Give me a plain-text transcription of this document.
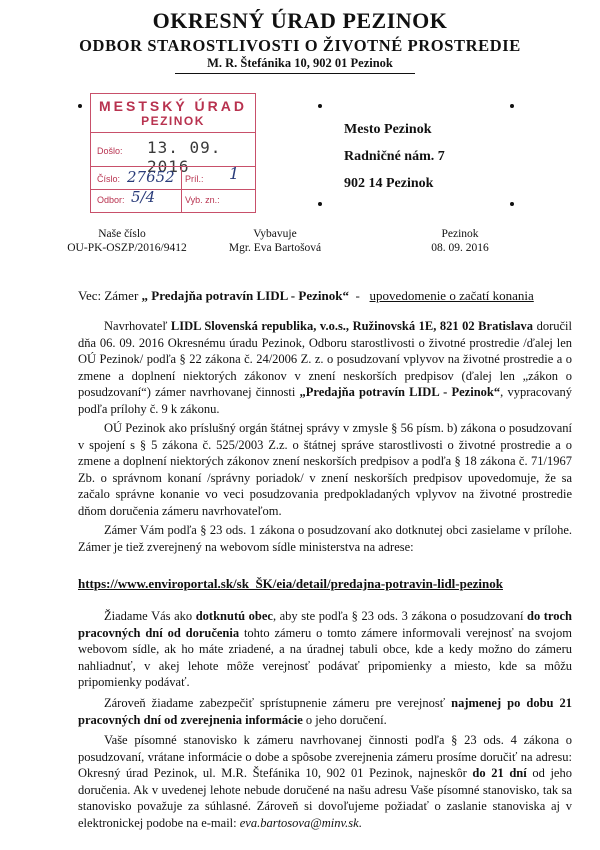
OKRESNÝ ÚRAD PEZINOK
ODBOR STAROSTLIVOSTI O ŽIVOTNÉ PROSTREDIE
M. R. Štefánika 10, 902 01 Pezinok
MESTSKÝ ÚRAD
PEZINOK
Došlo: 13. 09. 2016
Číslo: 27652 Príl.: 1
Odbor: 5/4	Vyb. zn.:
Mesto Pezinok
Radničné nám. 7
902 14 Pezinok
Naše číslo
OU-PK-OSZP/2016/9412
Vybavuje
Mgr. Eva Bartošová
Pezinok
08. 09. 2016
Vec: Zámer „ Predajňa potravín LIDL - Pezinok“  -   upovedomenie o začatí konania
Navrhovateľ LIDL Slovenská republika, v.o.s., Ružinovská 1E, 821 02 Bratislava doručil dňa 06. 09. 2016 Okresnému úradu Pezinok, Odboru starostlivosti o životné prostredie /ďalej len OÚ Pezinok/ podľa § 22 zákona č. 24/2006 Z. z. o posudzovaní vplyvov na životné prostredie a o zmene a doplnení niektorých zákonov v znení neskorších predpisov (ďalej len „zákon o posudzovaní“) zámer navrhovanej činnosti „Predajňa potravín LIDL - Pezinok“, vypracovaný podľa prílohy č. 9 k zákonu.
OÚ Pezinok ako príslušný orgán štátnej správy v zmysle § 56 písm. b) zákona o posudzovaní v spojení s § 5 zákona č. 525/2003 Z.z. o štátnej správe starostlivosti o životné prostredie a o zmene a doplnení niektorých zákonov znení neskorších predpisov a podľa § 18 zákona č. 71/1967 Zb. o správnom konaní /správny poriadok/ v znení neskorších predpisov upovedomuje, že sa začalo správne konanie vo veci posudzovania predpokladaných vplyvov na životné prostredie dňom doručenia zámeru navrhovateľom.
Zámer Vám podľa § 23 ods. 1 zákona o posudzovaní ako dotknutej obci zasielame v prílohe. Zámer je tiež zverejnený na webovom sídle ministerstva na adrese:
https://www.enviroportal.sk/sk_ŠK/eia/detail/predajna-potravin-lidl-pezinok
Žiadame Vás ako dotknutú obec, aby ste podľa § 23 ods. 3 zákona o posudzovaní do troch pracovných dní od doručenia tohto zámeru o tomto zámere informovali verejnosť na svojom webovom sídle, ak ho máte zriadené, a na úradnej tabuli obce, kde a kedy možno do zámeru nahliadnuť, v akej lehote môže verejnosť podávať pripomienky a miesto, kde sa môžu pripomienky podávať.
Zároveň žiadame zabezpečiť sprístupnenie zámeru pre verejnosť najmenej po dobu 21 pracovných dní od zverejnenia informácie o jeho doručení.
Vaše písomné stanovisko k zámeru navrhovanej činnosti podľa § 23 ods. 4 zákona o posudzovaní, vrátane informácie o dobe a spôsobe zverejnenia zámeru prosíme doručiť na adresu: Okresný úrad Pezinok, ul. M.R. Štefánika 10, 902 01 Pezinok, najneskôr do 21 dní od jeho doručenia. Ak v uvedenej lehote nebude doručené na našu adresu Vaše písomné stanovisko, tak sa stanovisko považuje za súhlasné. Zároveň si dovoľujeme požiadať o zaslanie stanoviska aj v elektronickej podobe na e-mail: eva.bartosova@minv.sk.
